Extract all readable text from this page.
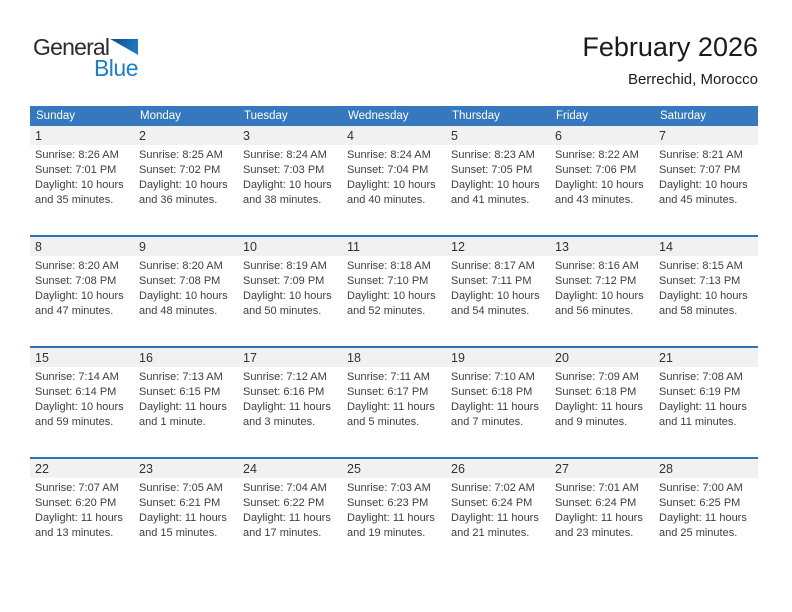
General
Blue
February 2026
Berrechid, Morocco
Sunday	Monday	Tuesday	Wednesday	Thursday	Friday	Saturday
1	2	3	4	5	6	7
Sunrise: 8:26 AM
Sunset: 7:01 PM
Daylight: 10 hours
and 35 minutes.
Sunrise: 8:25 AM
Sunset: 7:02 PM
Daylight: 10 hours
and 36 minutes.
Sunrise: 8:24 AM
Sunset: 7:03 PM
Daylight: 10 hours
and 38 minutes.
Sunrise: 8:24 AM
Sunset: 7:04 PM
Daylight: 10 hours
and 40 minutes.
Sunrise: 8:23 AM
Sunset: 7:05 PM
Daylight: 10 hours
and 41 minutes.
Sunrise: 8:22 AM
Sunset: 7:06 PM
Daylight: 10 hours
and 43 minutes.
Sunrise: 8:21 AM
Sunset: 7:07 PM
Daylight: 10 hours
and 45 minutes.
8	9	10	11	12	13	14
Sunrise: 8:20 AM
Sunset: 7:08 PM
Daylight: 10 hours
and 47 minutes.
Sunrise: 8:20 AM
Sunset: 7:08 PM
Daylight: 10 hours
and 48 minutes.
Sunrise: 8:19 AM
Sunset: 7:09 PM
Daylight: 10 hours
and 50 minutes.
Sunrise: 8:18 AM
Sunset: 7:10 PM
Daylight: 10 hours
and 52 minutes.
Sunrise: 8:17 AM
Sunset: 7:11 PM
Daylight: 10 hours
and 54 minutes.
Sunrise: 8:16 AM
Sunset: 7:12 PM
Daylight: 10 hours
and 56 minutes.
Sunrise: 8:15 AM
Sunset: 7:13 PM
Daylight: 10 hours
and 58 minutes.
15	16	17	18	19	20	21
Sunrise: 7:14 AM
Sunset: 6:14 PM
Daylight: 10 hours
and 59 minutes.
Sunrise: 7:13 AM
Sunset: 6:15 PM
Daylight: 11 hours
and 1 minute.
Sunrise: 7:12 AM
Sunset: 6:16 PM
Daylight: 11 hours
and 3 minutes.
Sunrise: 7:11 AM
Sunset: 6:17 PM
Daylight: 11 hours
and 5 minutes.
Sunrise: 7:10 AM
Sunset: 6:18 PM
Daylight: 11 hours
and 7 minutes.
Sunrise: 7:09 AM
Sunset: 6:18 PM
Daylight: 11 hours
and 9 minutes.
Sunrise: 7:08 AM
Sunset: 6:19 PM
Daylight: 11 hours
and 11 minutes.
22	23	24	25	26	27	28
Sunrise: 7:07 AM
Sunset: 6:20 PM
Daylight: 11 hours
and 13 minutes.
Sunrise: 7:05 AM
Sunset: 6:21 PM
Daylight: 11 hours
and 15 minutes.
Sunrise: 7:04 AM
Sunset: 6:22 PM
Daylight: 11 hours
and 17 minutes.
Sunrise: 7:03 AM
Sunset: 6:23 PM
Daylight: 11 hours
and 19 minutes.
Sunrise: 7:02 AM
Sunset: 6:24 PM
Daylight: 11 hours
and 21 minutes.
Sunrise: 7:01 AM
Sunset: 6:24 PM
Daylight: 11 hours
and 23 minutes.
Sunrise: 7:00 AM
Sunset: 6:25 PM
Daylight: 11 hours
and 25 minutes.
